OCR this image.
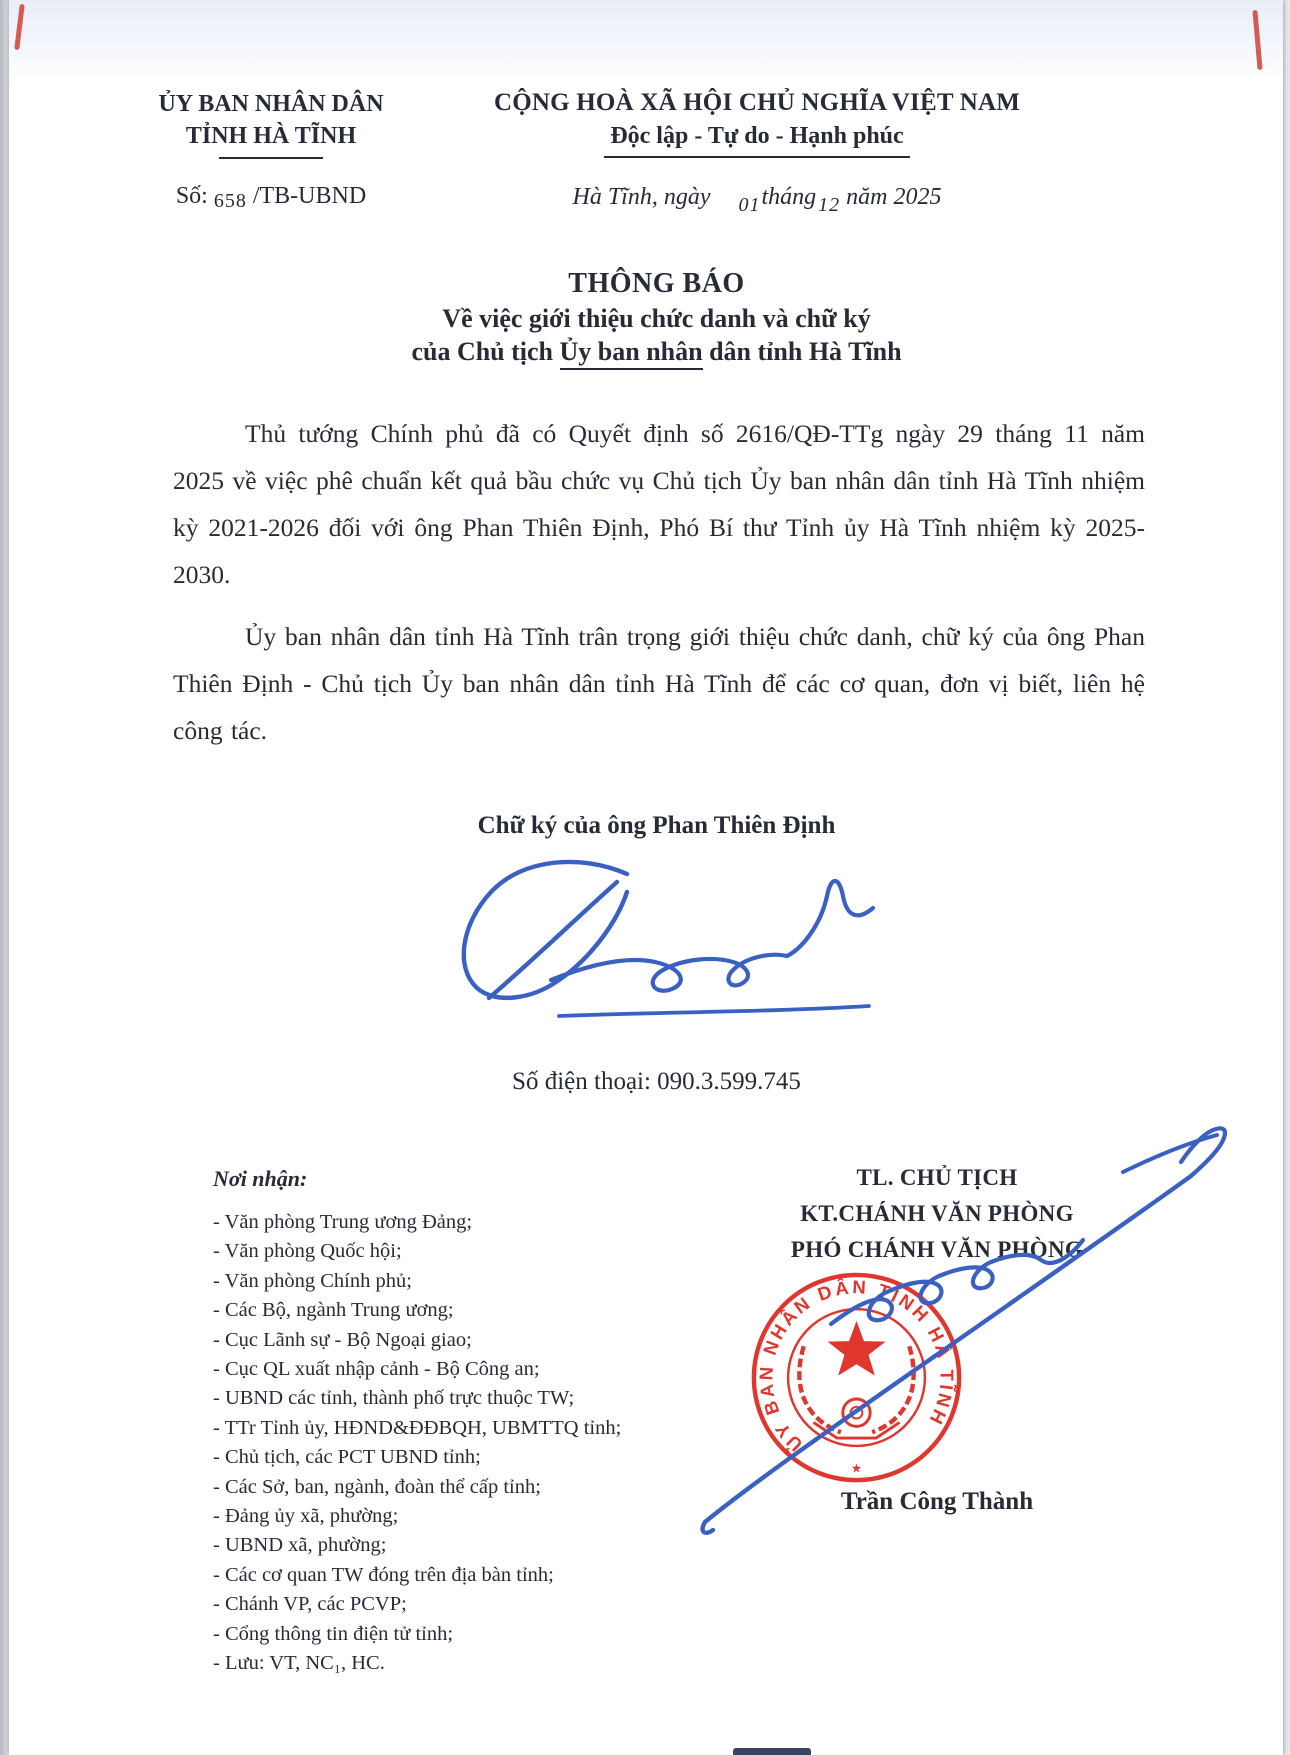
ỦY BAN NHÂN DÂN
TỈNH HÀ TĨNH
Số: 658 /TB-UBND
CỘNG HOÀ XÃ HỘI CHỦ NGHĨA VIỆT NAM
Độc lập - Tự do - Hạnh phúc
Hà Tĩnh, ngày $_{01}$tháng $_{12}$ năm 2025
THÔNG BÁO
Về việc giới thiệu chức danh và chữ ký
của Chủ tịch Ủy ban nhân dân tỉnh Hà Tĩnh

Thủ tướng Chính phủ đã có Quyết định số 2616/QĐ-TTg ngày 29 tháng 11 năm 2025 về việc phê chuẩn kết quả bầu chức vụ Chủ tịch Ủy ban nhân dân tỉnh Hà Tĩnh nhiệm kỳ 2021-2026 đối với ông Phan Thiên Định, Phó Bí thư Tỉnh ủy Hà Tĩnh nhiệm kỳ 2025-2030.

Ủy ban nhân dân tỉnh Hà Tĩnh trân trọng giới thiệu chức danh, chữ ký của ông Phan Thiên Định - Chủ tịch Ủy ban nhân dân tỉnh Hà Tĩnh để các cơ quan, đơn vị biết, liên hệ công tác.

Chữ ký của ông Phan Thiên Định
Số điện thoại: 090.3.599.745
Nơi nhận:
- Văn phòng Trung ương Đảng;
- Văn phòng Quốc hội;
- Văn phòng Chính phủ;
- Các Bộ, ngành Trung ương;
- Cục Lãnh sự - Bộ Ngoại giao;
- Cục QL xuất nhập cảnh - Bộ Công an;
- UBND các tỉnh, thành phố trực thuộc TW;
- TTr Tỉnh ủy, HĐND&ĐĐBQH, UBMTTQ tỉnh;
- Chủ tịch, các PCT UBND tỉnh;
- Các Sở, ban, ngành, đoàn thể cấp tỉnh;
- Đảng ủy xã, phường;
- UBND xã, phường;
- Các cơ quan TW đóng trên địa bàn tỉnh;
- Chánh VP, các PCVP;
- Cổng thông tin điện tử tỉnh;
- Lưu: VT, NC₁, HC.
TL. CHỦ TỊCH
KT.CHÁNH VĂN PHÒNG
PHÓ CHÁNH VĂN PHÒNG
ỦY BAN NHÂN DÂN TỈNH HÀ TĨNH
★
Trần Công Thành
